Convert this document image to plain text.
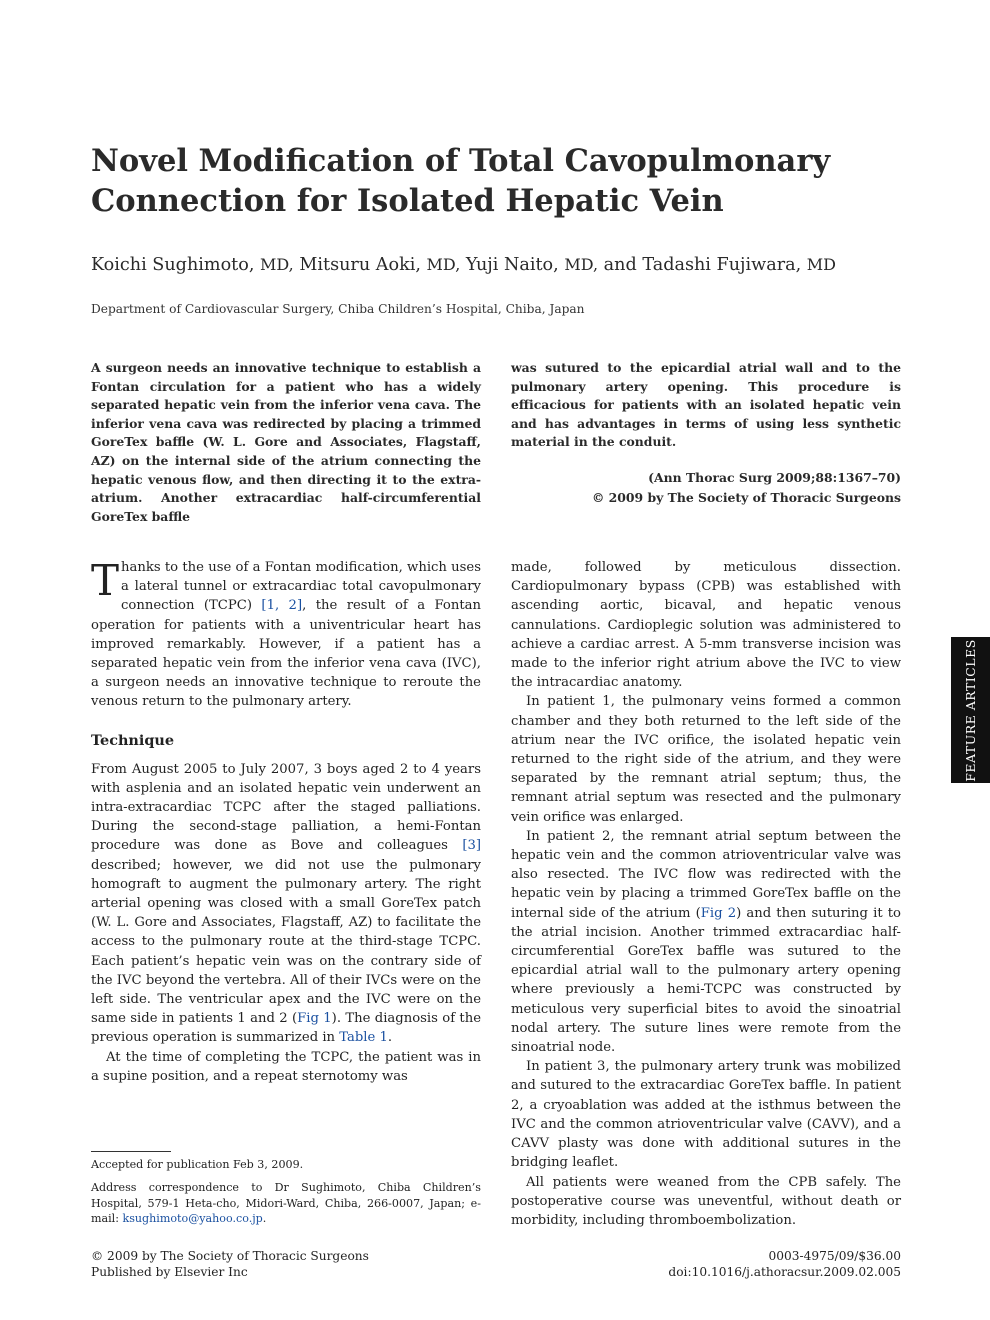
Novel Modification of Total Cavopulmonary Connection for Isolated Hepatic Vein
Koichi Sughimoto, MD, Mitsuru Aoki, MD, Yuji Naito, MD, and Tadashi Fujiwara, MD

Department of Cardiovascular Surgery, Chiba Children’s Hospital, Chiba, Japan

A surgeon needs an innovative technique to establish a Fontan circulation for a patient who has a widely separated hepatic vein from the inferior vena cava. The inferior vena cava was redirected by placing a trimmed GoreTex baffle (W. L. Gore and Associates, Flagstaff, AZ) on the internal side of the atrium connecting the hepatic venous flow, and then directing it to the extra-atrium. Another extracardiac half-circumferential GoreTex baffle

was sutured to the epicardial atrial wall and to the pulmonary artery opening. This procedure is efficacious for patients with an isolated hepatic vein and has advantages in terms of using less synthetic material in the conduit.

(Ann Thorac Surg 2009;88:1367–70)
© 2009 by The Society of Thoracic Surgeons

Thanks to the use of a Fontan modification, which uses a lateral tunnel or extracardiac total cavopulmonary connection (TCPC) [1, 2], the result of a Fontan operation for patients with a univentricular heart has improved remarkably. However, if a patient has a separated hepatic vein from the inferior vena cava (IVC), a surgeon needs an innovative technique to reroute the venous return to the pulmonary artery.

Technique

From August 2005 to July 2007, 3 boys aged 2 to 4 years with asplenia and an isolated hepatic vein underwent an intra-extracardiac TCPC after the staged palliations. During the second-stage palliation, a hemi-Fontan procedure was done as Bove and colleagues [3] described; however, we did not use the pulmonary homograft to augment the pulmonary artery. The right arterial opening was closed with a small GoreTex patch (W. L. Gore and Associates, Flagstaff, AZ) to facilitate the access to the pulmonary route at the third-stage TCPC. Each patient’s hepatic vein was on the contrary side of the IVC beyond the vertebra. All of their IVCs were on the left side. The ventricular apex and the IVC were on the same side in patients 1 and 2 (Fig 1). The diagnosis of the previous operation is summarized in Table 1.

At the time of completing the TCPC, the patient was in a supine position, and a repeat sternotomy was

made, followed by meticulous dissection. Cardiopulmonary bypass (CPB) was established with ascending aortic, bicaval, and hepatic venous cannulations. Cardioplegic solution was administered to achieve a cardiac arrest. A 5-mm transverse incision was made to the inferior right atrium above the IVC to view the intracardiac anatomy.

In patient 1, the pulmonary veins formed a common chamber and they both returned to the left side of the atrium near the IVC orifice, the isolated hepatic vein returned to the right side of the atrium, and they were separated by the remnant atrial septum; thus, the remnant atrial septum was resected and the pulmonary vein orifice was enlarged.

In patient 2, the remnant atrial septum between the hepatic vein and the common atrioventricular valve was also resected. The IVC flow was redirected with the hepatic vein by placing a trimmed GoreTex baffle on the internal side of the atrium (Fig 2) and then suturing it to the atrial incision. Another trimmed extracardiac half-circumferential GoreTex baffle was sutured to the epicardial atrial wall to the pulmonary artery opening where previously a hemi-TCPC was constructed by meticulous very superficial bites to avoid the sinoatrial nodal artery. The suture lines were remote from the sinoatrial node.

In patient 3, the pulmonary artery trunk was mobilized and sutured to the extracardiac GoreTex baffle. In patient 2, a cryoablation was added at the isthmus between the IVC and the common atrioventricular valve (CAVV), and a CAVV plasty was done with additional sutures in the bridging leaflet.

All patients were weaned from the CPB safely. The postoperative course was uneventful, without death or morbidity, including thromboembolization.

Accepted for publication Feb 3, 2009.

Address correspondence to Dr Sughimoto, Chiba Children’s Hospital, 579-1 Heta-cho, Midori-Ward, Chiba, 266-0007, Japan; e-mail: ksughimoto@yahoo.co.jp.

© 2009 by The Society of Thoracic Surgeons
Published by Elsevier Inc
0003-4975/09/$36.00
doi:10.1016/j.athoracsur.2009.02.005
FEATURE ARTICLES
